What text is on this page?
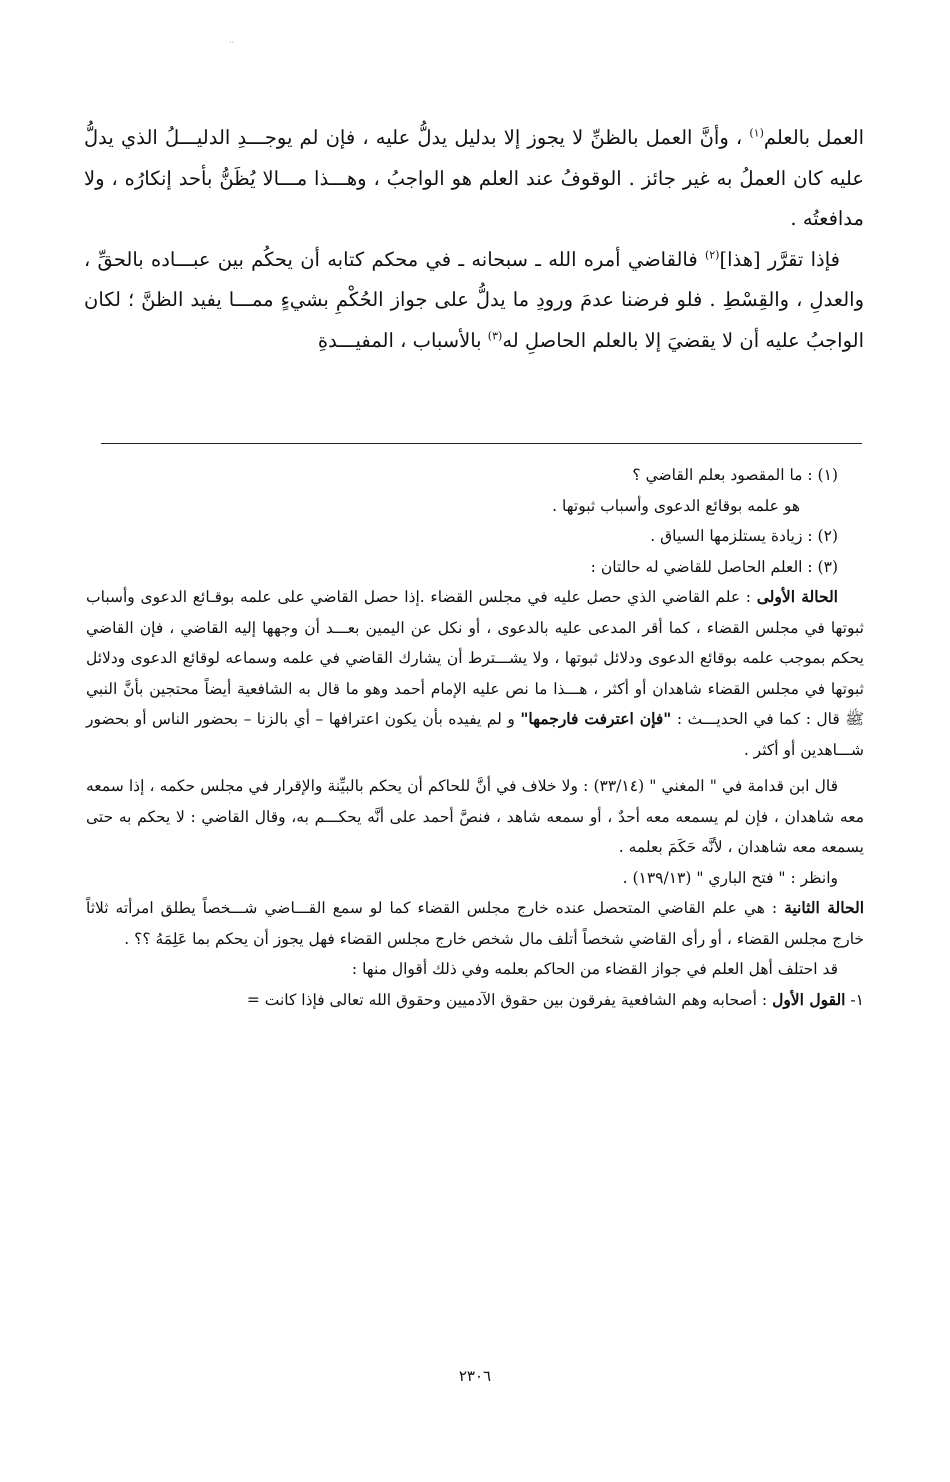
··

العمل بالعلم$^{(١)}$ ، وأنَّ العمل بالظنِّ لا يجوز إلا بدليل يدلُّ عليه ، فإن لم يوجـــدِ الدليـــلُ الذي يدلُّ عليه كان العملُ به غير جائز . الوقوفُ عند العلم هو الواجبُ ، وهـــذا مـــالا يُظَنُّ بأحد إنكارُه ، ولا مدافعتُه .

فإذا تقرَّر [هذا]$^{(٢)}$ فالقاضي أمره الله ـ سبحانه ـ في محكم كتابه أن يحكُم بين عبـــاده بالحقِّ ، والعدلِ ، والقِسْطِ . فلو فرضنا عدمَ ورودِ ما يدلُّ على جواز الحُكْمِ بشيءٍ ممـــا يفيد الظنَّ ؛ لكان الواجبُ عليه أن لا يقضيَ إلا بالعلم الحاصلِ له$^{(٣)}$ بالأسباب ، المفيـــدةِ

(١) : ما المقصود بعلم القاضي ؟

هو علمه بوقائع الدعوى وأسباب ثبوتها .

(٢) : زيادة يستلزمها السياق .

(٣) : العلم الحاصل للقاضي له حالتان :

الحالة الأولى : علم القاضي الذي حصل عليه في مجلس القضاء .إذا حصل القاضي على علمه بوقـائع الدعوى وأسباب ثبوتها في مجلس القضاء ، كما أقر المدعى عليه بالدعوى ، أو نكل عن اليمين بعـــد أن وجهها إليه القاضي ، فإن القاضي يحكم بموجب علمه بوقائع الدعوى ودلائل ثبوتها ، ولا يشـــترط أن يشارك القاضي في علمه وسماعه لوقائع الدعوى ودلائل ثبوتها في مجلس القضاء شاهدان أو أكثر ، هـــذا ما نص عليه الإمام أحمد وهو ما قال به الشافعية أيضاً محتجين بأنَّ النبي ﷺ قال : كما في الحديـــث : "فإن اعترفت فارجمها" و لم يفيده بأن يكون اعترافها – أي بالزنا – بحضور الناس أو بحضور شـــاهدين أو أكثر .

قال ابن قدامة في " المغني " (٣٣/١٤) : ولا خلاف في أنَّ للحاكم أن يحكم بالبيِّنة والإقرار في مجلس حكمه ، إذا سمعه معه شاهدان ، فإن لم يسمعه معه أحدٌ ، أو سمعه شاهد ، فنصَّ أحمد على أنَّه يحكـــم به، وقال القاضي : لا يحكم به حتى يسمعه معه شاهدان ، لأنَّه حَكَمَ بعلمه .

وانظر : " فتح الباري " (١٣٩/١٣) .

الحالة الثانية : هي علم القاضي المتحصل عنده خارج مجلس القضاء كما لو سمع القـــاضي شـــخصاً يطلق امرأته ثلاثاً خارج مجلس القضاء ، أو رأى القاضي شخصاً أتلف مال شخص خارج مجلس القضاء فهل يجوز أن يحكم بما عَلِمَهُ ؟؟ .

قد احتلف أهل العلم في جواز القضاء من الحاكم بعلمه وفي ذلك أقوال منها :

١- القول الأول : أصحابه وهم الشافعية يفرقون بين حقوق الآدميين وحقوق الله تعالى فإذا كانت =

٢٣٠٦
